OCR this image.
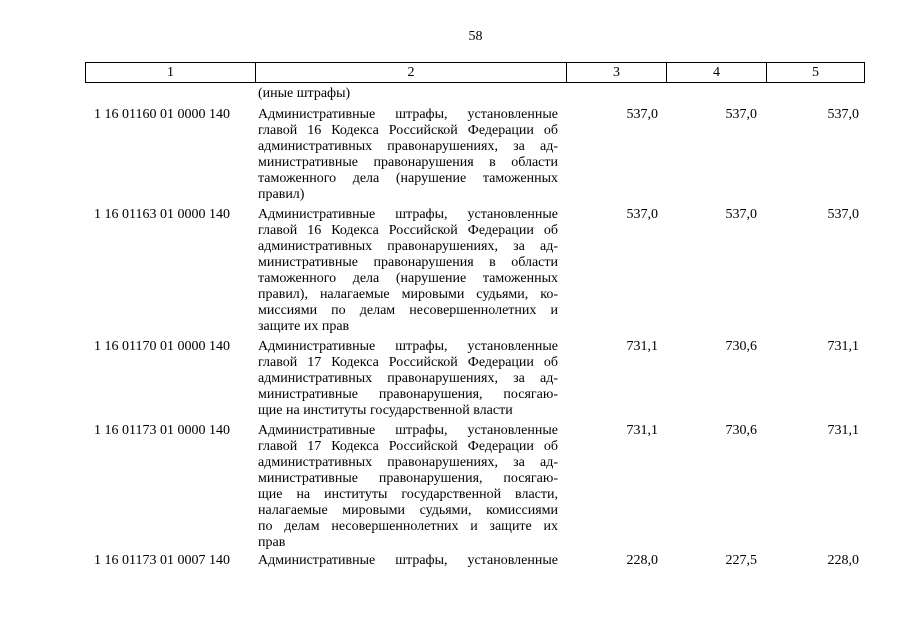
58
1	2	3	4	5
(иные штрафы)
1 16 01160 01 0000 140 Административные штрафы, установленные
главой 16 Кодекса Российской Федерации об
административных правонарушениях, за ад-
министративные правонарушения в области
таможенного дела (нарушение таможенных
правил)
537,0	537,0	537,0
1 16 01163 01 0000 140 Административные штрафы, установленные
главой 16 Кодекса Российской Федерации об
административных правонарушениях, за ад-
министративные правонарушения в области
таможенного дела (нарушение таможенных
правил), налагаемые мировыми судьями, ко-
миссиями по делам несовершеннолетних и
защите их прав
537,0	537,0	537,0
1 16 01170 01 0000 140 Административные штрафы, установленные
главой 17 Кодекса Российской Федерации об
административных правонарушениях, за ад-
министративные правонарушения, посягаю-
щие на институты государственной власти
731,1	730,6	731,1
1 16 01173 01 0000 140 Административные штрафы, установленные
главой 17 Кодекса Российской Федерации об
административных правонарушениях, за ад-
министративные правонарушения, посягаю-
щие на институты государственной власти,
налагаемые мировыми судьями, комиссиями
по делам несовершеннолетних и защите их
прав
731,1	730,6	731,1
1 16 01173 01 0007 140 Административные штрафы, установленные	228,0	227,5	228,0
